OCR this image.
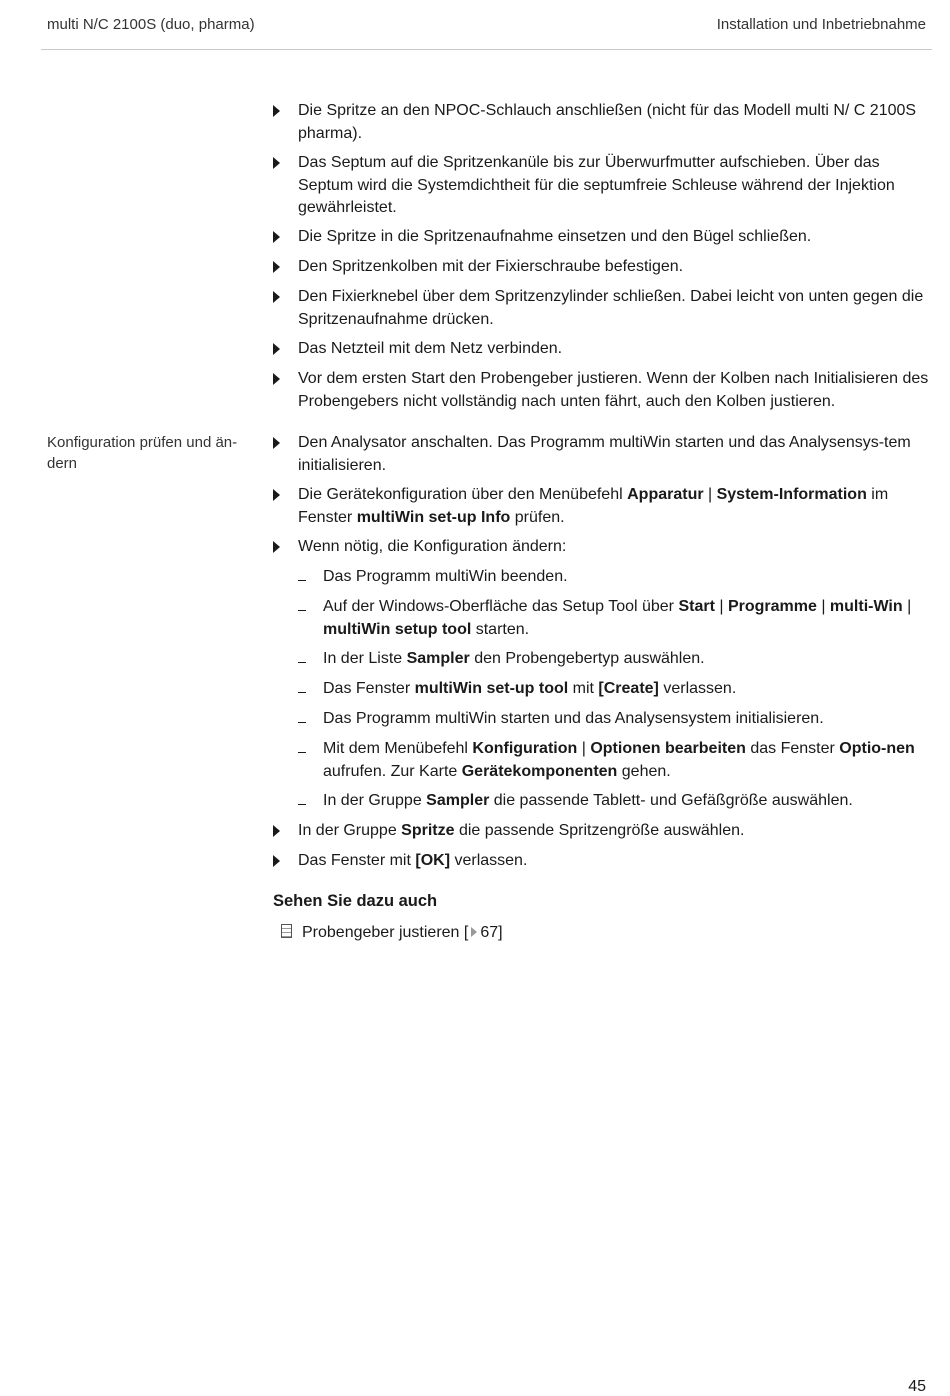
multi N/C 2100S (duo, pharma)	Installation und Inbetriebnahme
Die Spritze an den NPOC-Schlauch anschließen (nicht für das Modell multi N/ C 2100S pharma).
Das Septum auf die Spritzenkanüle bis zur Überwurfmutter aufschieben. Über das Septum wird die Systemdichtheit für die septumfreie Schleuse während der Injektion gewährleistet.
Die Spritze in die Spritzenaufnahme einsetzen und den Bügel schließen.
Den Spritzenkolben mit der Fixierschraube befestigen.
Den Fixierknebel über dem Spritzenzylinder schließen. Dabei leicht von unten gegen die Spritzenaufnahme drücken.
Das Netzteil mit dem Netz verbinden.
Vor dem ersten Start den Probengeber justieren. Wenn der Kolben nach Initialisieren des Probengebers nicht vollständig nach unten fährt, auch den Kolben justieren.
Konfiguration prüfen und än-dern
Den Analysator anschalten. Das Programm multiWin starten und das Analysensys-tem initialisieren.
Die Gerätekonfiguration über den Menübefehl Apparatur | System-Information im Fenster multiWin set-up Info prüfen.
Wenn nötig, die Konfiguration ändern:
Das Programm multiWin beenden.
Auf der Windows-Oberfläche das Setup Tool über Start | Programme | multi-Win | multiWin setup tool starten.
In der Liste Sampler den Probengebertyp auswählen.
Das Fenster multiWin set-up tool mit [Create] verlassen.
Das Programm multiWin starten und das Analysensystem initialisieren.
Mit dem Menübefehl Konfiguration | Optionen bearbeiten das Fenster Optio-nen aufrufen. Zur Karte Gerätekomponenten gehen.
In der Gruppe Sampler die passende Tablett- und Gefäßgröße auswählen.
In der Gruppe Spritze die passende Spritzengröße auswählen.
Das Fenster mit [OK] verlassen.
Sehen Sie dazu auch
Probengeber justieren [ 67]
45
